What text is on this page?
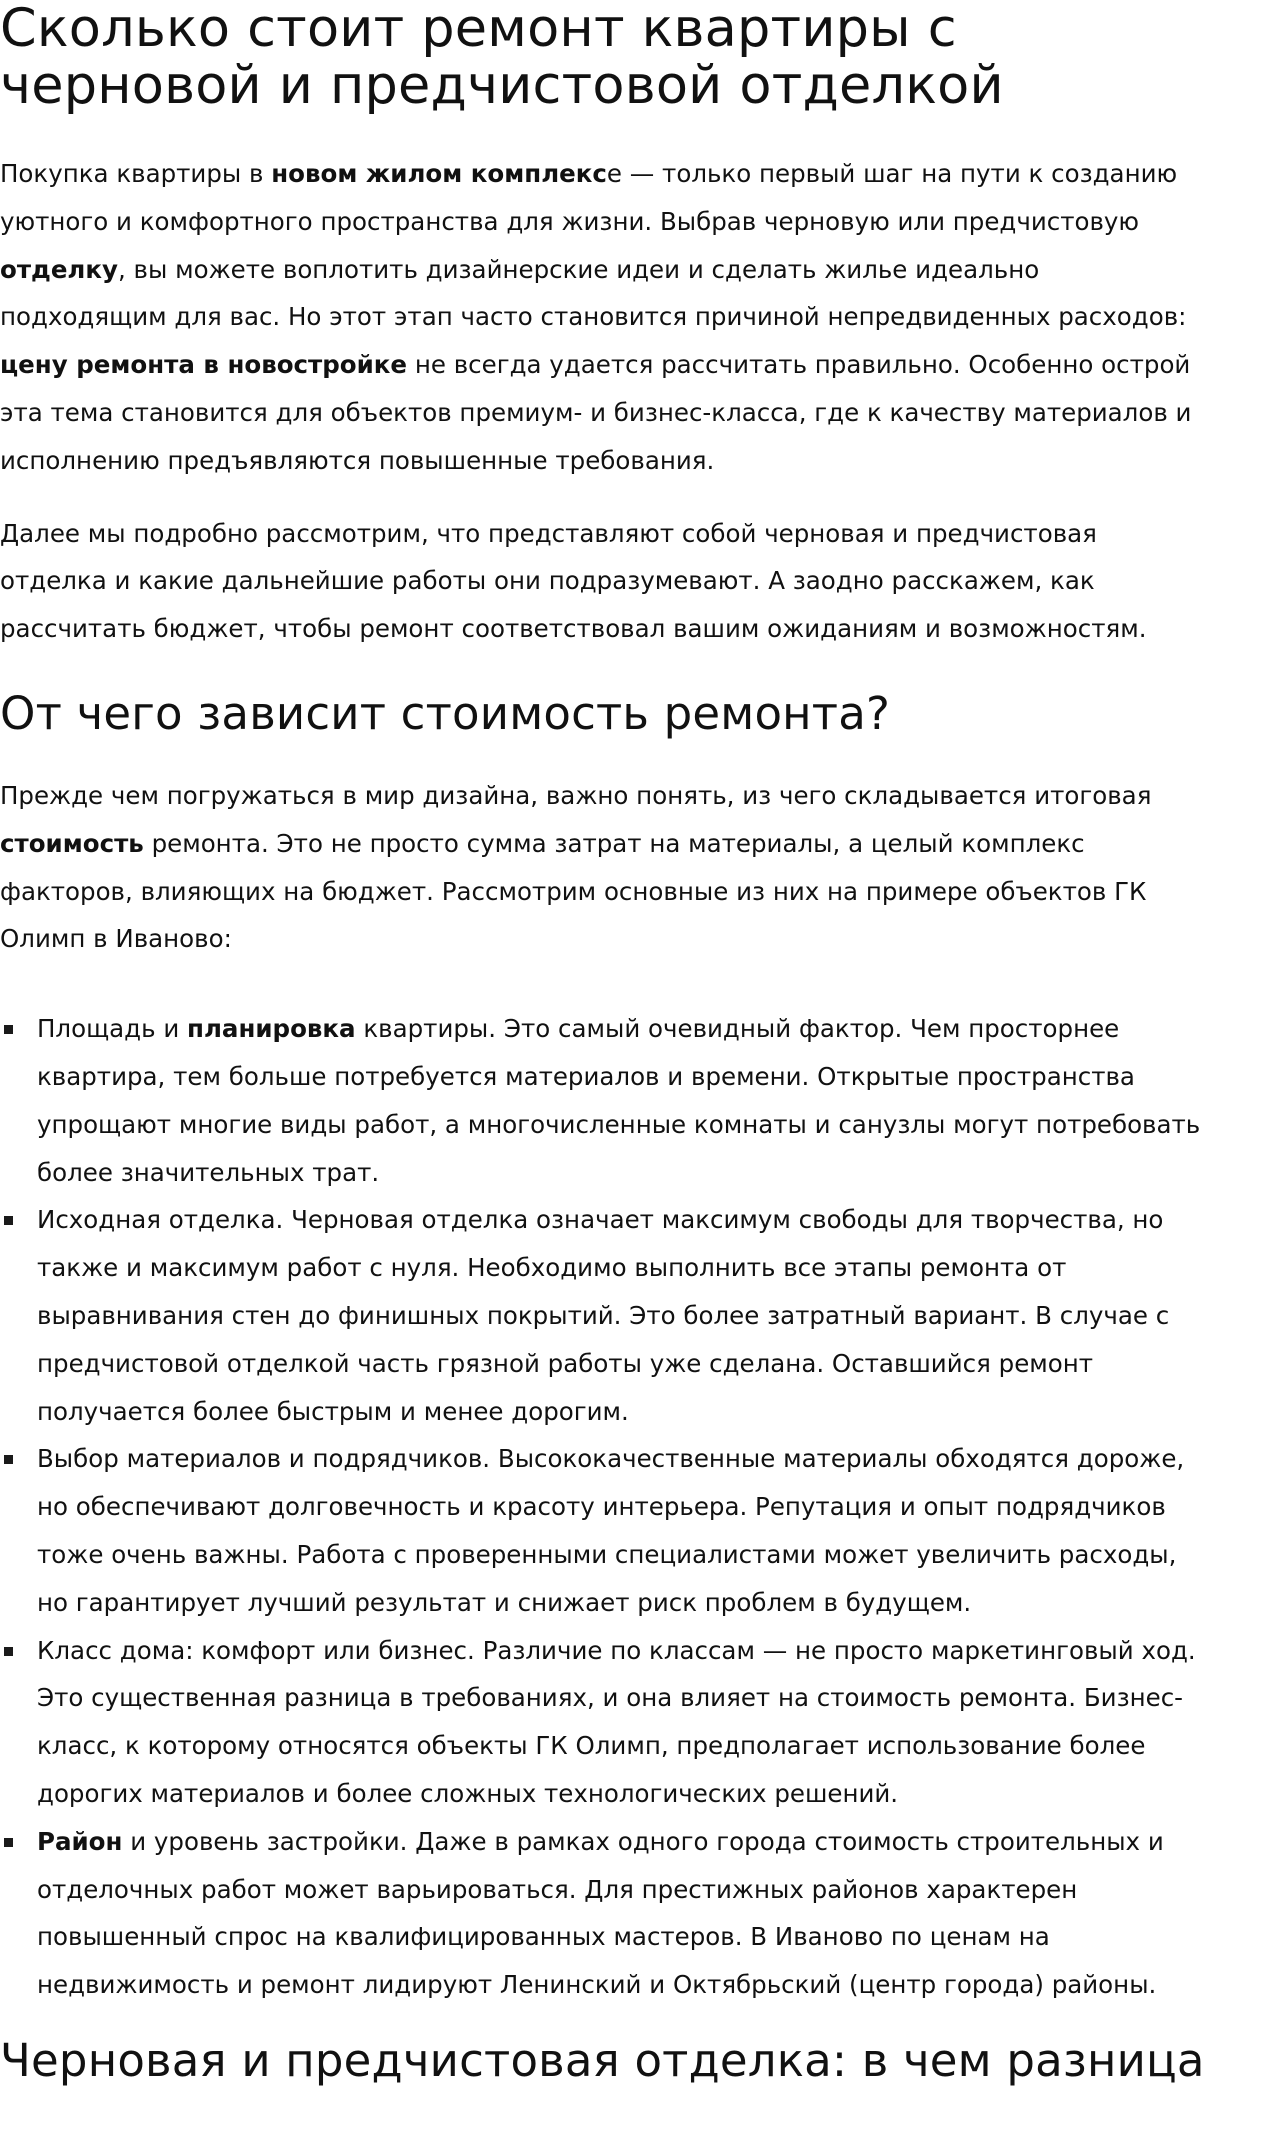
Сколько стоит ремонт квартиры с
черновой и предчистовой отделкой

Покупка квартиры в новом жилом комплексе — только первый шаг на пути к созданию
уютного и комфортного пространства для жизни. Выбрав черновую или предчистовую
отделку, вы можете воплотить дизайнерские идеи и сделать жилье идеально
подходящим для вас. Но этот этап часто становится причиной непредвиденных расходов:
цену ремонта в новостройке не всегда удается рассчитать правильно. Особенно острой
эта тема становится для объектов премиум- и бизнес-класса, где к качеству материалов и
исполнению предъявляются повышенные требования.

Далее мы подробно рассмотрим, что представляют собой черновая и предчистовая
отделка и какие дальнейшие работы они подразумевают. А заодно расскажем, как
рассчитать бюджет, чтобы ремонт соответствовал вашим ожиданиям и возможностям.

От чего зависит стоимость ремонта?

Прежде чем погружаться в мир дизайна, важно понять, из чего складывается итоговая
стоимость ремонта. Это не просто сумма затрат на материалы, а целый комплекс
факторов, влияющих на бюджет. Рассмотрим основные из них на примере объектов ГК
Олимп в Иваново:

Площадь и планировка квартиры. Это самый очевидный фактор. Чем просторнее
квартира, тем больше потребуется материалов и времени. Открытые пространства
упрощают многие виды работ, а многочисленные комнаты и санузлы могут потребовать
более значительных трат.
Исходная отделка. Черновая отделка означает максимум свободы для творчества, но
также и максимум работ с нуля. Необходимо выполнить все этапы ремонта от
выравнивания стен до финишных покрытий. Это более затратный вариант. В случае с
предчистовой отделкой часть грязной работы уже сделана. Оставшийся ремонт
получается более быстрым и менее дорогим.
Выбор материалов и подрядчиков. Высококачественные материалы обходятся дороже,
но обеспечивают долговечность и красоту интерьера. Репутация и опыт подрядчиков
тоже очень важны. Работа с проверенными специалистами может увеличить расходы,
но гарантирует лучший результат и снижает риск проблем в будущем.
Класс дома: комфорт или бизнес. Различие по классам — не просто маркетинговый ход.
Это существенная разница в требованиях, и она влияет на стоимость ремонта. Бизнес-
класс, к которому относятся объекты ГК Олимп, предполагает использование более
дорогих материалов и более сложных технологических решений.
Район и уровень застройки. Даже в рамках одного города стоимость строительных и
отделочных работ может варьироваться. Для престижных районов характерен
повышенный спрос на квалифицированных мастеров. В Иваново по ценам на
недвижимость и ремонт лидируют Ленинский и Октябрьский (центр города) районы.
Черновая и предчистовая отделка: в чем разница
